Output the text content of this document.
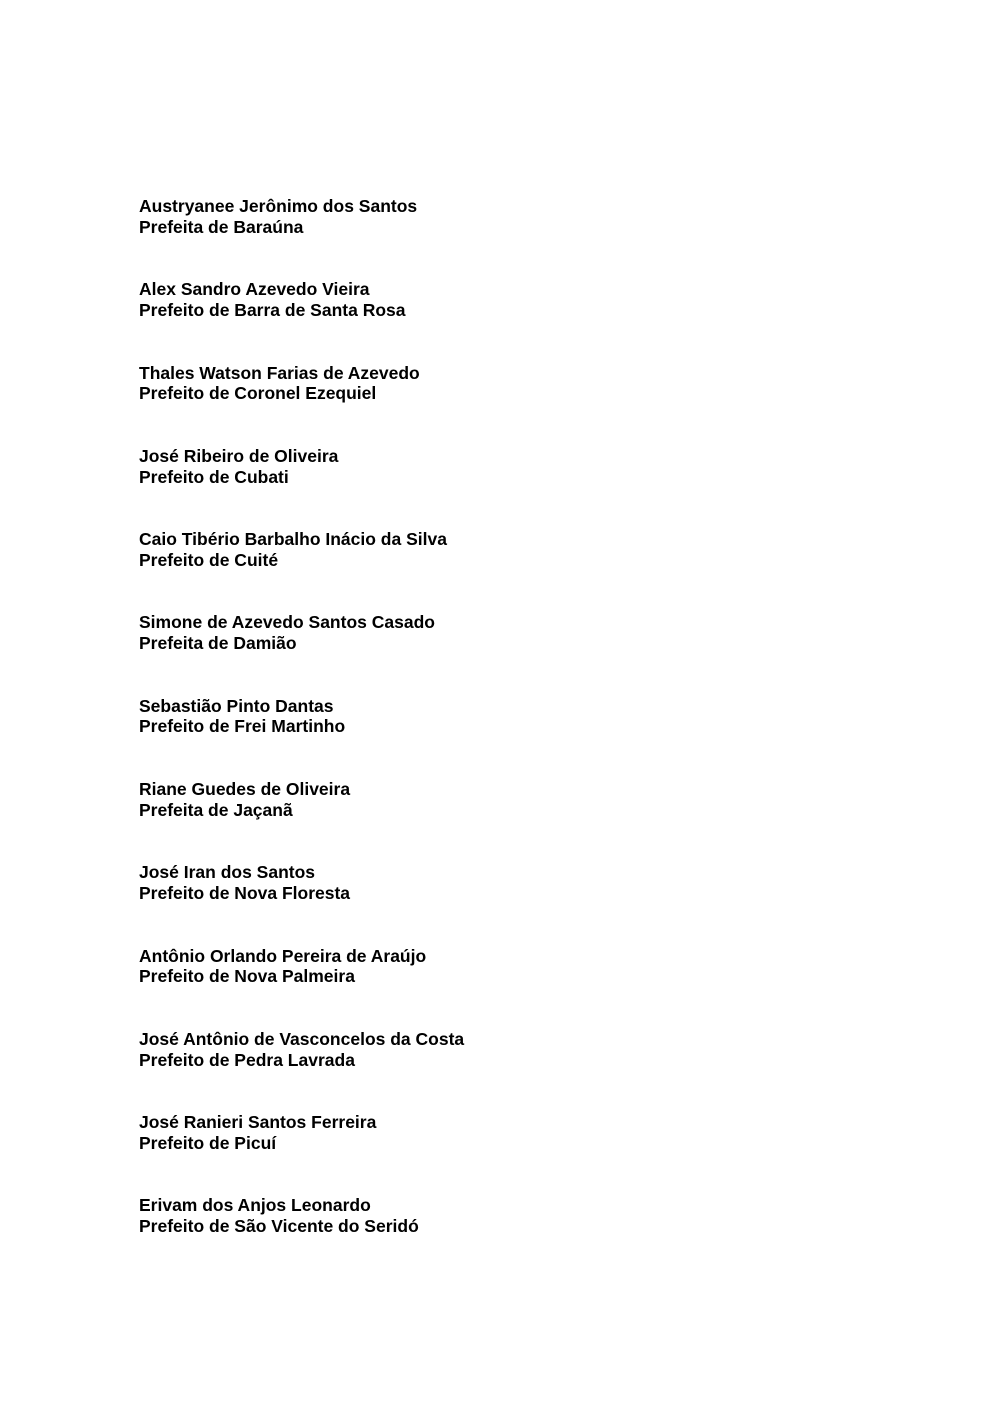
Austryanee Jerônimo dos Santos
Prefeita de Baraúna
Alex Sandro Azevedo Vieira
Prefeito de Barra de Santa Rosa
Thales Watson Farias de Azevedo
Prefeito de Coronel Ezequiel
José Ribeiro de Oliveira
Prefeito de Cubati
Caio Tibério Barbalho Inácio da Silva
Prefeito de Cuité
Simone de Azevedo Santos Casado
Prefeita de Damião
Sebastião Pinto Dantas
Prefeito de Frei Martinho
Riane Guedes de Oliveira
Prefeita de Jaçanã
José Iran dos Santos
Prefeito de Nova Floresta
Antônio Orlando Pereira de Araújo
Prefeito de Nova Palmeira
José Antônio de Vasconcelos da Costa
Prefeito de Pedra Lavrada
José Ranieri Santos Ferreira
Prefeito de Picuí
Erivam dos Anjos Leonardo
Prefeito de São Vicente do Seridó
